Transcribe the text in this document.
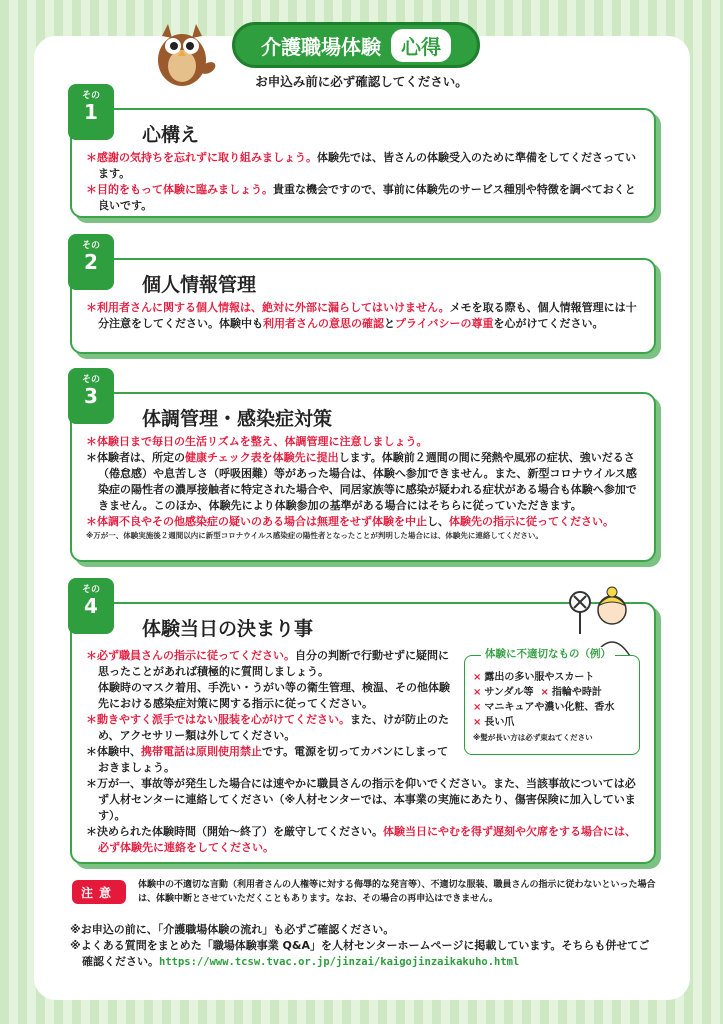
介護職場体験	心得
お申込み前に必ず確認してください。
その
1
心構え

＊感謝の気持ちを忘れずに取り組みましょう。体験先では、皆さんの体験受入のために準備をしてくださっています。

＊目的をもって体験に臨みましょう。貴重な機会ですので、事前に体験先のサービス種別や特徴を調べておくと良いです。

その
2
個人情報管理

＊利用者さんに関する個人情報は、絶対に外部に漏らしてはいけません。メモを取る際も、個人情報管理には十分注意をしてください。体験中も利用者さんの意思の確認とプライバシーの尊重を心がけてください。

その
3
体調管理・感染症対策

＊体験日まで毎日の生活リズムを整え、体調管理に注意しましょう。

＊体験者は、所定の健康チェック表を体験先に提出します。体験前２週間の間に発熱や風邪の症状、強いだるさ（倦怠感）や息苦しさ（呼吸困難）等があった場合は、体験へ参加できません。また、新型コロナウイルス感染症の陽性者の濃厚接触者に特定された場合や、同居家族等に感染が疑われる症状がある場合も体験へ参加できません。このほか、体験先により体験参加の基準がある場合にはそちらに従っていただきます。

＊体調不良やその他感染症の疑いのある場合は無理をせず体験を中止し、体験先の指示に従ってください。

※万が一、体験実施後２週間以内に新型コロナウイルス感染症の陽性者となったことが判明した場合には、体験先に連絡してください。

その
4
体験当日の決まり事

＊必ず職員さんの指示に従ってください。自分の判断で行動せずに疑問に思ったことがあれば積極的に質問しましょう。

体験時のマスク着用、手洗い・うがい等の衛生管理、検温、その他体験先における感染症対策に関する指示に従ってください。

＊動きやすく派手ではない服装を心がけてください。また、けが防止のため、アクセサリー類は外してください。

＊体験中、携帯電話は原則使用禁止です。電源を切ってカバンにしまっておきましょう。

＊万が一、事故等が発生した場合には速やかに職員さんの指示を仰いでください。また、当該事故については必ず人材センターに連絡してください（※人材センターでは、本事業の実施にあたり、傷害保険に加入しています）。

＊決められた体験時間（開始～終了）を厳守してください。体験当日にやむを得ず遅刻や欠席をする場合には、必ず体験先に連絡をしてください。

体験に不適切なもの（例）
× 露出の多い服やスカート
× サンダル等 × 指輪や時計
× マニキュアや濃い化粧、香水
× 長い爪
※髪が長い方は必ず束ねてください
注意
体験中の不適切な言動（利用者さんの人権等に対する侮辱的な発言等）、不適切な服装、職員さんの指示に従わないといった場合は、体験中断とさせていただくこともあります。なお、その場合の再申込はできません。

※お申込の前に、「介護職場体験の流れ」も必ずご確認ください。

※よくある質問をまとめた「職場体験事業 Q&A」を人材センターホームページに掲載しています。そちらも併せてご確認ください。https://www.tcsw.tvac.or.jp/jinzai/kaigojinzaikakuho.html
